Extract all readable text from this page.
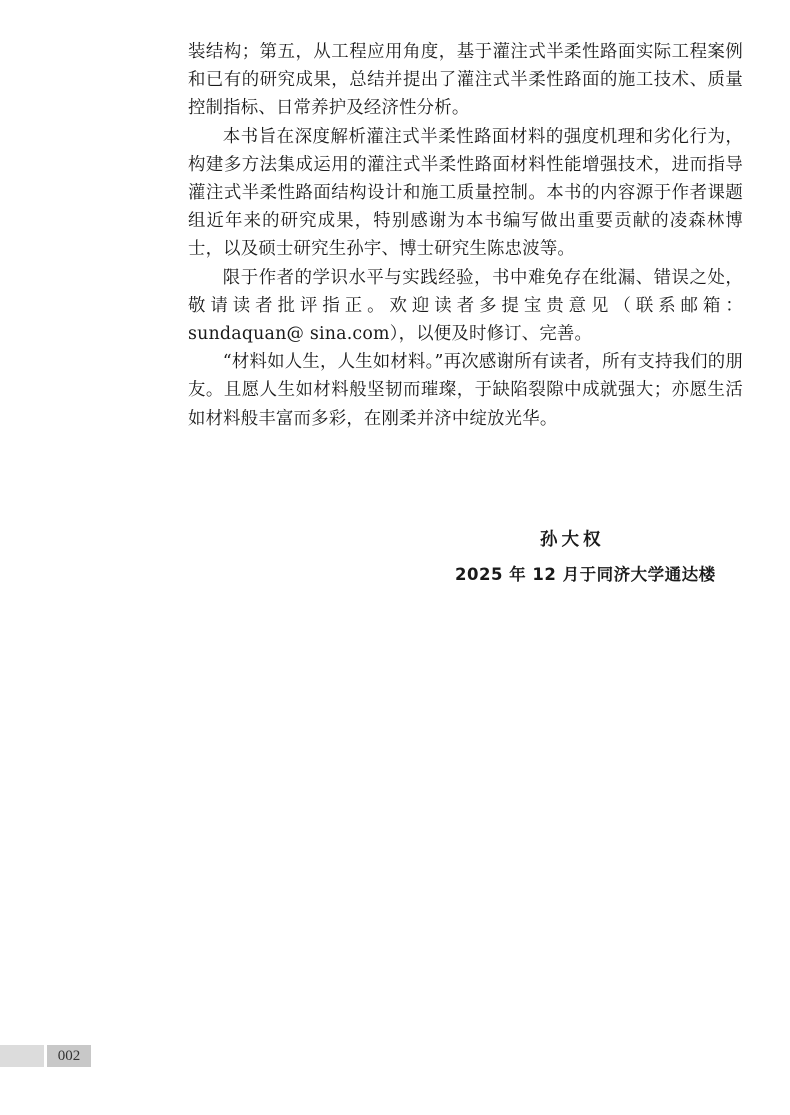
装结构；第五，从工程应用角度，基于灌注式半柔性路面实际工程案例和已有的研究成果，总结并提出了灌注式半柔性路面的施工技术、质量控制指标、日常养护及经济性分析。

本书旨在深度解析灌注式半柔性路面材料的强度机理和劣化行为，构建多方法集成运用的灌注式半柔性路面材料性能增强技术，进而指导灌注式半柔性路面结构设计和施工质量控制。本书的内容源于作者课题组近年来的研究成果，特别感谢为本书编写做出重要贡献的凌森林博士，以及硕士研究生孙宇、博士研究生陈忠波等。

限于作者的学识水平与实践经验，书中难免存在纰漏、错误之处，敬请读者批评指正。欢迎读者多提宝贵意见（联系邮箱：sundaquan@ sina.com），以便及时修订、完善。

“材料如人生，人生如材料。”再次感谢所有读者，所有支持我们的朋友。且愿人生如材料般坚韧而璀璨，于缺陷裂隙中成就强大；亦愿生活如材料般丰富而多彩，在刚柔并济中绽放光华。

孙大权
2025 年 12 月于同济大学通达楼
002
